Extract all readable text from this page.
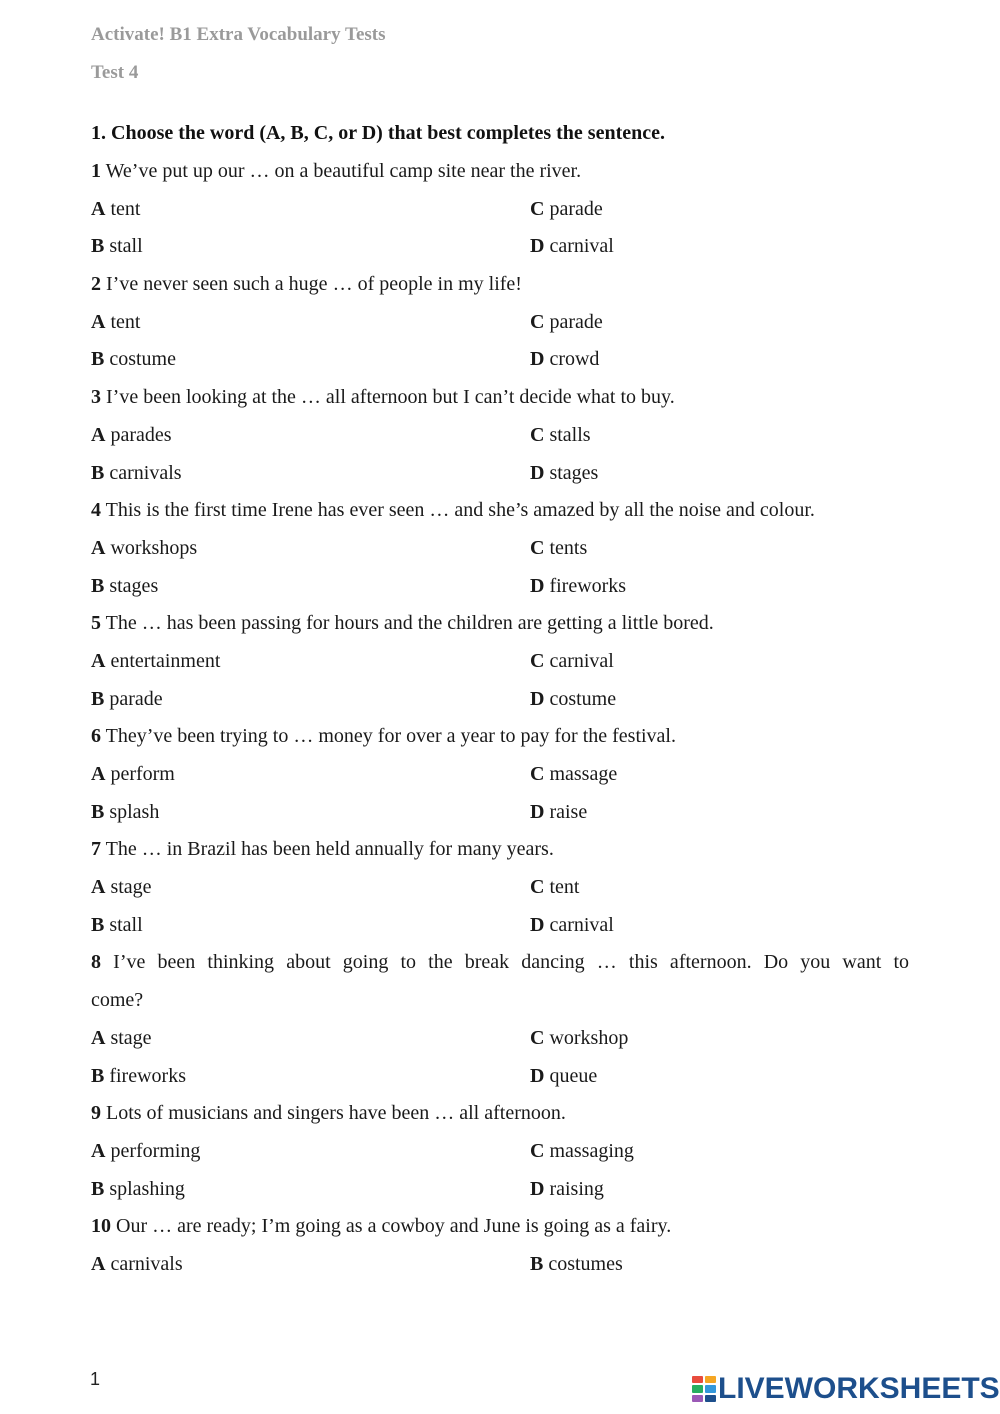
Activate! B1 Extra Vocabulary Tests
Test 4
1. Choose the word (A, B, C, or D) that best completes the sentence.
1 We’ve put up our … on a beautiful camp site near the river.
A tent	C parade
B stall	D carnival
2 I’ve never seen such a huge … of people in my life!
A tent	C parade
B costume	D crowd
3 I’ve been looking at the … all afternoon but I can’t decide what to buy.
A parades	C stalls
B carnivals	D stages
4 This is the first time Irene has ever seen … and she’s amazed by all the noise and colour.
A workshops	C tents
B stages	D fireworks
5 The … has been passing for hours and the children are getting a little bored.
A entertainment	C carnival
B parade	D costume
6 They’ve been trying to … money for over a year to pay for the festival.
A perform	C massage
B splash	D raise
7 The … in Brazil has been held annually for many years.
A stage	C tent
B stall	D carnival
8 I’ve been thinking about going to the break dancing … this afternoon. Do you want to come?
A stage	C workshop
B fireworks	D queue
9 Lots of musicians and singers have been … all afternoon.
A performing	C massaging
B splashing	D raising
10 Our … are ready; I’m going as a cowboy and June is going as a fairy.
A carnivals	B costumes
1	LIVEWORKSHEETS
